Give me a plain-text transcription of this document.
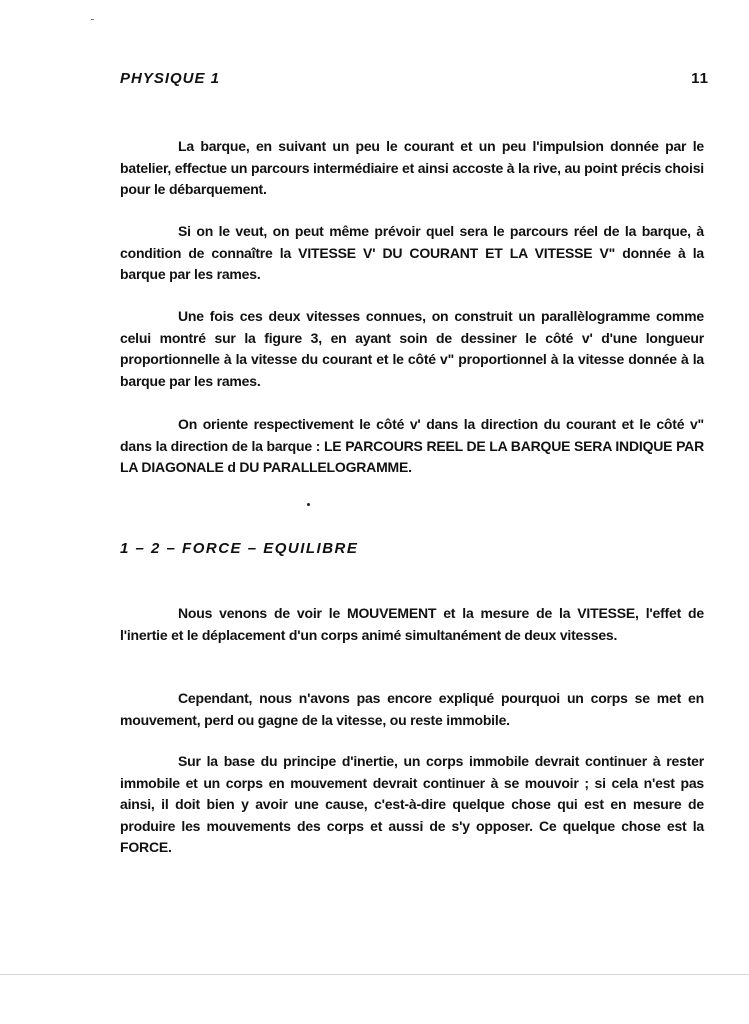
PHYSIQUE 1	11

La barque, en suivant un peu le courant et un peu l'impulsion donnée par le batelier, effectue un parcours intermédiaire et ainsi accoste à la rive, au point précis choisi pour le débarquement.

Si on le veut, on peut même prévoir quel sera le parcours réel de la barque, à condition de connaître la VITESSE V' DU COURANT ET LA VITESSE V" donnée à la barque par les rames.

Une fois ces deux vitesses connues, on construit un parallèlogramme comme celui montré sur la figure 3, en ayant soin de dessiner le côté v' d'une longueur proportionnelle à la vitesse du courant et le côté v" proportionnel à la vitesse donnée à la barque par les rames.

On oriente respectivement le côté v' dans la direction du courant et le côté v" dans la direction de la barque : LE PARCOURS REEL DE LA BARQUE SERA INDIQUE PAR LA DIAGONALE d DU PARALLELOGRAMME.

1 – 2 – FORCE – EQUILIBRE

Nous venons de voir le MOUVEMENT et la mesure de la VITESSE, l'effet de l'inertie et le déplacement d'un corps animé simultanément de deux vitesses.

Cependant, nous n'avons pas encore expliqué pourquoi un corps se met en mouvement, perd ou gagne de la vitesse, ou reste immobile.

Sur la base du principe d'inertie, un corps immobile devrait continuer à rester immobile et un corps en mouvement devrait continuer à se mouvoir ; si cela n'est pas ainsi, il doit bien y avoir une cause, c'est-à-dire quelque chose qui est en mesure de produire les mouvements des corps et aussi de s'y opposer. Ce quelque chose est la FORCE.
